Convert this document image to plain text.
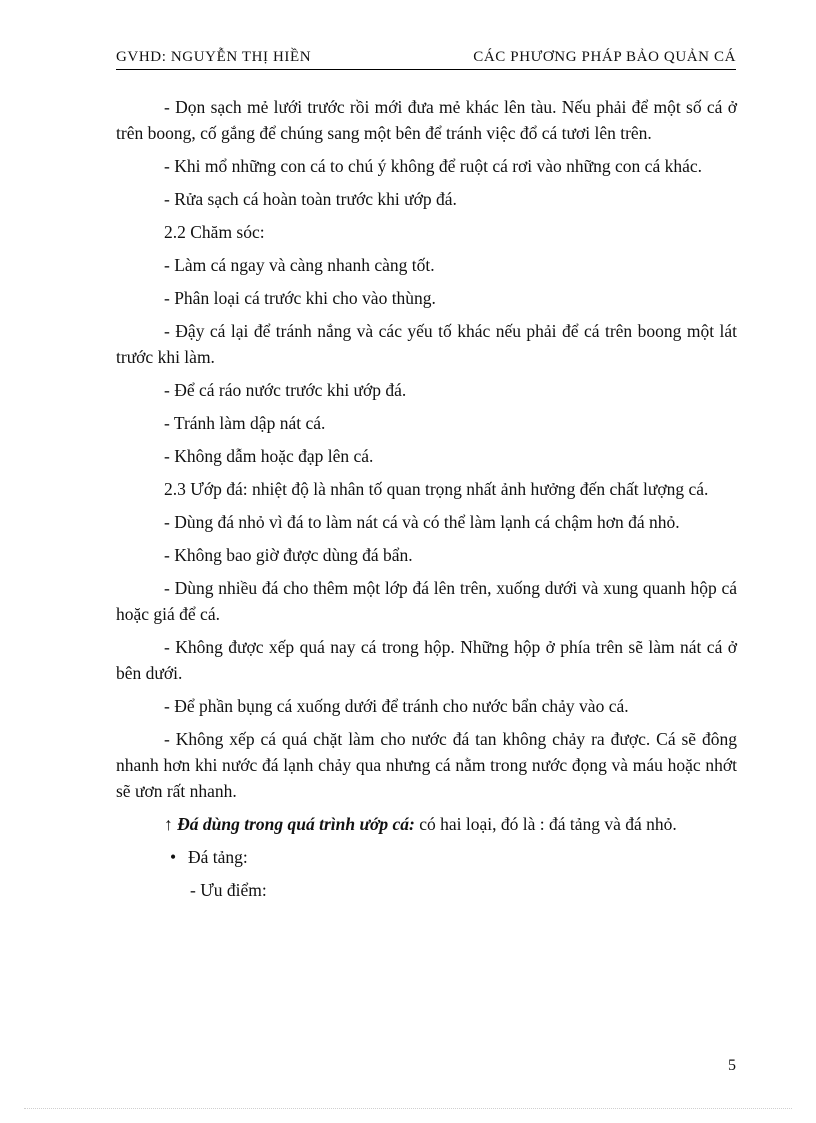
GVHD: NGUYỄN THỊ HIỀN	CÁC PHƯƠNG PHÁP BẢO QUẢN CÁ

- Dọn sạch mẻ lưới trước rồi mới đưa mẻ khác lên tàu. Nếu phải để một số cá ở trên boong, cố gắng để chúng sang một bên để tránh việc đổ cá tươi lên trên.

- Khi mổ những con cá to chú ý không để ruột cá rơi vào những con cá khác.

- Rửa sạch cá hoàn toàn trước khi ướp đá.

2.2 Chăm sóc:

- Làm cá ngay và càng nhanh càng tốt.

- Phân loại cá trước khi cho vào thùng.

- Đậy cá lại để tránh nắng và các yếu tố khác nếu phải để cá trên boong một lát trước khi làm.

- Để cá ráo nước trước khi ướp đá.

- Tránh làm dập nát cá.

- Không dẫm hoặc đạp lên cá.

2.3 Ướp đá: nhiệt độ là nhân tố quan trọng nhất ảnh hưởng đến chất lượng cá.

- Dùng đá nhỏ vì đá to làm nát cá và có thể làm lạnh cá chậm hơn đá nhỏ.

- Không bao giờ được dùng đá bẩn.

- Dùng nhiều đá cho thêm một lớp đá lên trên, xuống dưới và xung quanh hộp cá hoặc giá để cá.

- Không được xếp quá nay cá trong hộp. Những hộp ở phía trên sẽ làm nát cá ở bên dưới.

- Để phần bụng cá xuống dưới để tránh cho nước bẩn chảy vào cá.

- Không xếp cá quá chặt làm cho nước đá tan không chảy ra được. Cá sẽ đông nhanh hơn khi nước đá lạnh chảy qua nhưng cá nằm trong nước đọng và máu hoặc nhớt sẽ ươn rất nhanh.

↑ Đá dùng trong quá trình ướp cá: có hai loại, đó là : đá tảng và đá nhỏ.

• Đá tảng:
- Ưu điểm:
5
